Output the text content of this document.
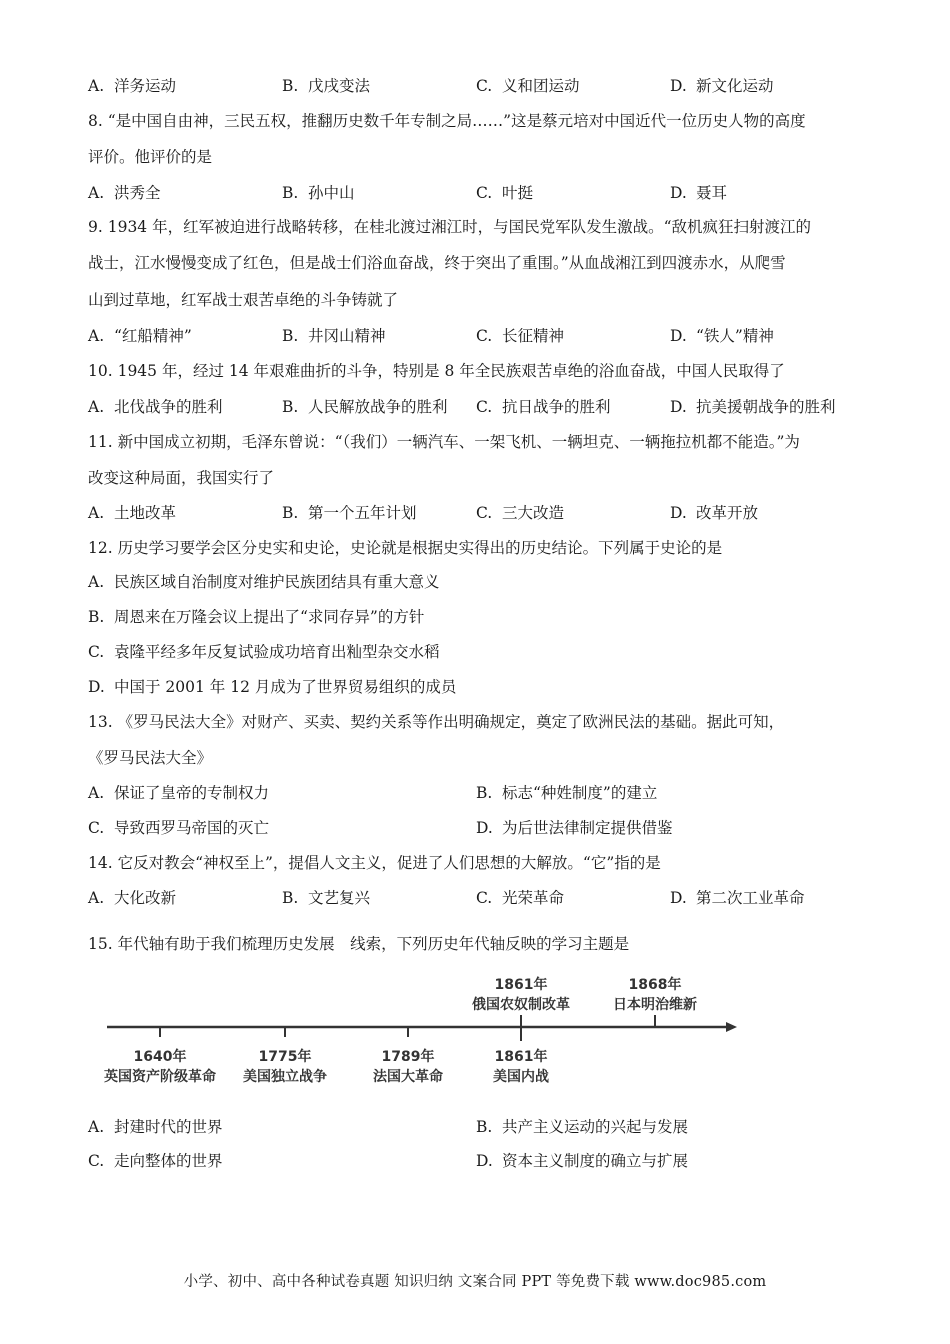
A. 洋务运动	B. 戊戌变法	C. 义和团运动	D. 新文化运动
8. “是中国自由神，三民五权，推翻历史数千年专制之局……”这是蔡元培对中国近代一位历史人物的高度
评价。他评价的是
A. 洪秀全	B. 孙中山	C. 叶挺	D. 聂耳
9. 1934 年，红军被迫进行战略转移，在桂北渡过湘江时，与国民党军队发生激战。“敌机疯狂扫射渡江的
战士，江水慢慢变成了红色，但是战士们浴血奋战，终于突出了重围。”从血战湘江到四渡赤水，从爬雪
山到过草地，红军战士艰苦卓绝的斗争铸就了
A. “红船精神”	B. 井冈山精神	C. 长征精神	D. “铁人”精神
10. 1945 年，经过 14 年艰难曲折的斗争，特别是 8 年全民族艰苦卓绝的浴血奋战，中国人民取得了
A. 北伐战争的胜利	B. 人民解放战争的胜利 C. 抗日战争的胜利	D. 抗美援朝战争的胜利
11. 新中国成立初期，毛泽东曾说：“（我们）一辆汽车、一架飞机、一辆坦克、一辆拖拉机都不能造。”为
改变这种局面，我国实行了
A. 土地改革	B. 第一个五年计划	C. 三大改造	D. 改革开放
12. 历史学习要学会区分史实和史论，史论就是根据史实得出的历史结论。下列属于史论的是
A. 民族区域自治制度对维护民族团结具有重大意义
B. 周恩来在万隆会议上提出了“求同存异”的方针
C. 袁隆平经多年反复试验成功培育出籼型杂交水稻
D. 中国于 2001 年 12 月成为了世界贸易组织的成员
13. 《罗马民法大全》对财产、买卖、契约关系等作出明确规定，奠定了欧洲民法的基础。据此可知，
《罗马民法大全》
A. 保证了皇帝的专制权力	B. 标志“种姓制度”的建立
C. 导致西罗马帝国的灭亡	D. 为后世法律制定提供借鉴
14. 它反对教会“神权至上”，提倡人文主义，促进了人们思想的大解放。“它”指的是
A. 大化改新	B. 文艺复兴	C. 光荣革命	D. 第二次工业革命
15. 年代轴有助于我们梳理历史发展　线索，下列历史年代轴反映的学习主题是
1861年
俄国农奴制改革
1868年
日本明治维新
1640年
英国资产阶级革命
1775年
美国独立战争
1789年
法国大革命
1861年
美国内战
A. 封建时代的世界	B. 共产主义运动的兴起与发展
C. 走向整体的世界	D. 资本主义制度的确立与扩展
小学、初中、高中各种试卷真题 知识归纳 文案合同 PPT 等免费下载 www.doc985.com
